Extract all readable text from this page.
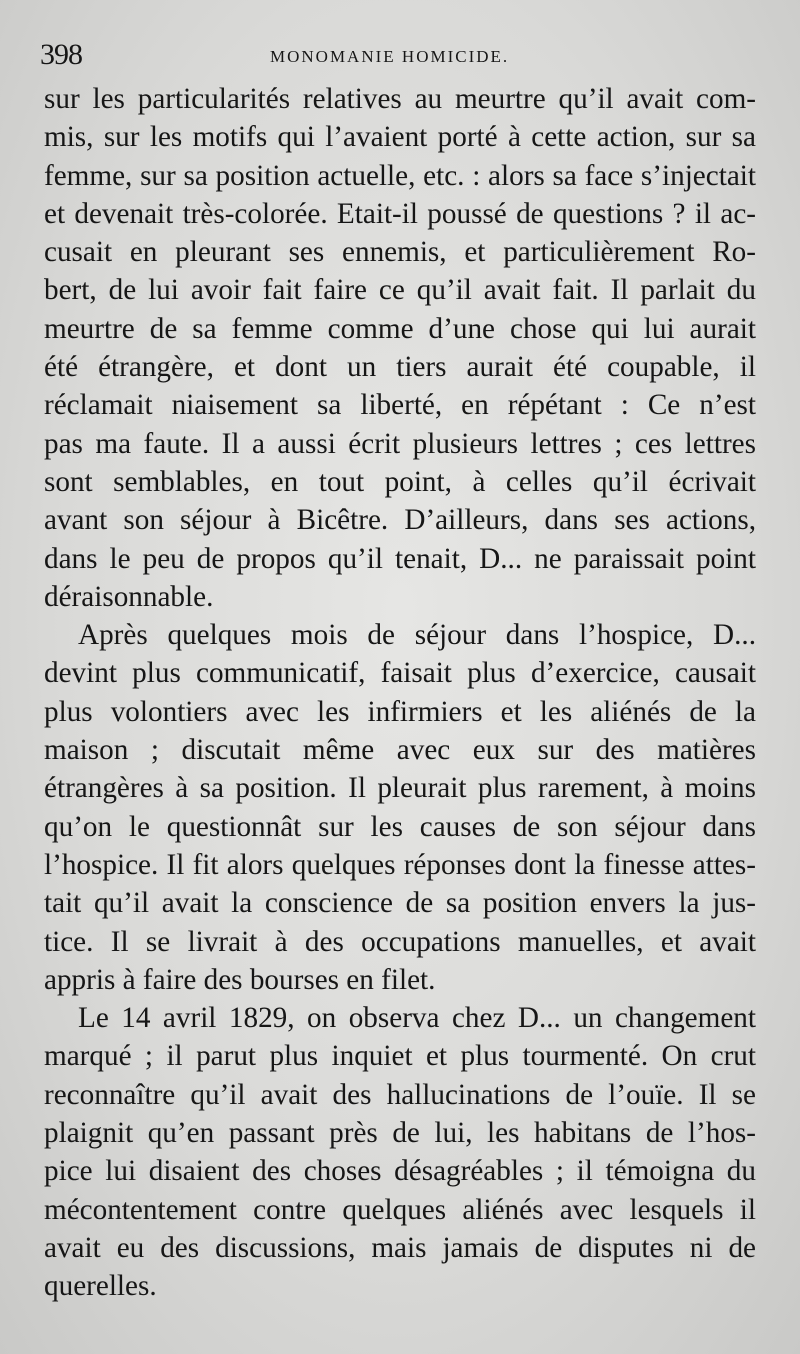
398	MONOMANIE HOMICIDE.
sur les particularités relatives au meurtre qu’il avait com-
mis, sur les motifs qui l’avaient porté à cette action, sur sa
femme, sur sa position actuelle, etc. : alors sa face s’injectait
et devenait très-colorée. Etait-il poussé de questions ? il ac-
cusait en pleurant ses ennemis, et particulièrement Ro-
bert, de lui avoir fait faire ce qu’il avait fait. Il parlait du
meurtre de sa femme comme d’une chose qui lui aurait
été étrangère, et dont un tiers aurait été coupable, il
réclamait niaisement sa liberté, en répétant : Ce n’est
pas ma faute. Il a aussi écrit plusieurs lettres ; ces lettres
sont semblables, en tout point, à celles qu’il écrivait
avant son séjour à Bicêtre. D’ailleurs, dans ses actions,
dans le peu de propos qu’il tenait, D... ne paraissait point
déraisonnable.
Après quelques mois de séjour dans l’hospice, D...
devint plus communicatif, faisait plus d’exercice, causait
plus volontiers avec les infirmiers et les aliénés de la
maison ; discutait même avec eux sur des matières
étrangères à sa position. Il pleurait plus rarement, à moins
qu’on le questionnât sur les causes de son séjour dans
l’hospice. Il fit alors quelques réponses dont la finesse attes-
tait qu’il avait la conscience de sa position envers la jus-
tice. Il se livrait à des occupations manuelles, et avait
appris à faire des bourses en filet.
Le 14 avril 1829, on observa chez D... un changement
marqué ; il parut plus inquiet et plus tourmenté. On crut
reconnaître qu’il avait des hallucinations de l’ouïe. Il se
plaignit qu’en passant près de lui, les habitans de l’hos-
pice lui disaient des choses désagréables ; il témoigna du
mécontentement contre quelques aliénés avec lesquels il
avait eu des discussions, mais jamais de disputes ni de
querelles.
